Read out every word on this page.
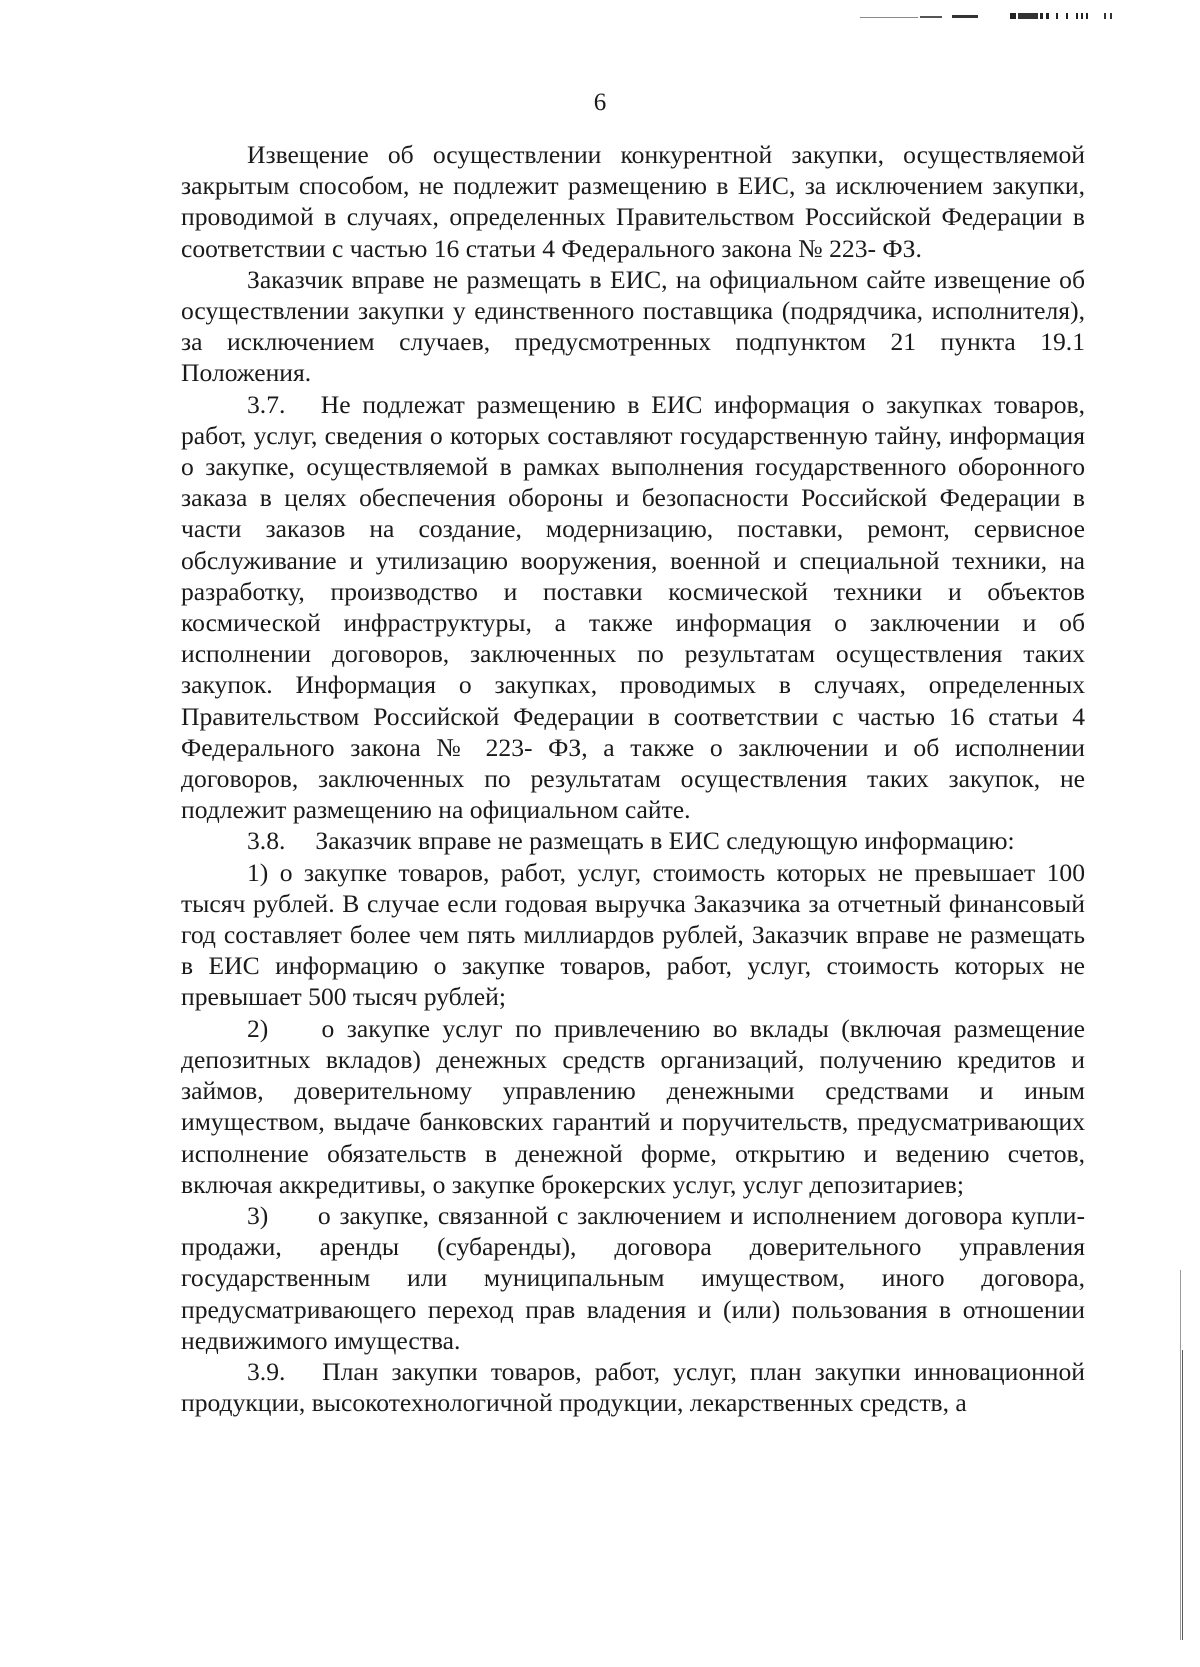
6

Извещение об осуществлении конкурентной закупки, осуществляемой закрытым способом, не подлежит размещению в ЕИС, за исключением закупки, проводимой в случаях, определенных Правительством Российской Федерации в соответствии с частью 16 статьи 4 Федерального закона № 223- ФЗ.

Заказчик вправе не размещать в ЕИС, на официальном сайте извещение об осуществлении закупки у единственного поставщика (подрядчика, исполнителя), за исключением случаев, предусмотренных подпунктом 21 пункта 19.1 Положения.

3.7. Не подлежат размещению в ЕИС информация о закупках товаров, работ, услуг, сведения о которых составляют государственную тайну, информация о закупке, осуществляемой в рамках выполнения государственного оборонного заказа в целях обеспечения обороны и безопасности Российской Федерации в части заказов на создание, модернизацию, поставки, ремонт, сервисное обслуживание и утилизацию вооружения, военной и специальной техники, на разработку, производство и поставки космической техники и объектов космической инфраструктуры, а также информация о заключении и об исполнении договоров, заключенных по результатам осуществления таких закупок. Информация о закупках, проводимых в случаях, определенных Правительством Российской Федерации в соответствии с частью 16 статьи 4 Федерального закона № 223- ФЗ, а также о заключении и об исполнении договоров, заключенных по результатам осуществления таких закупок, не подлежит размещению на официальном сайте.

3.8. Заказчик вправе не размещать в ЕИС следующую информацию:

1) о закупке товаров, работ, услуг, стоимость которых не превышает 100 тысяч рублей. В случае если годовая выручка Заказчика за отчетный финансовый год составляет более чем пять миллиардов рублей, Заказчик вправе не размещать в ЕИС информацию о закупке товаров, работ, услуг, стоимость которых не превышает 500 тысяч рублей;

2) о закупке услуг по привлечению во вклады (включая размещение депозитных вкладов) денежных средств организаций, получению кредитов и займов, доверительному управлению денежными средствами и иным имуществом, выдаче банковских гарантий и поручительств, предусматривающих исполнение обязательств в денежной форме, открытию и ведению счетов, включая аккредитивы, о закупке брокерских услуг, услуг депозитариев;

3) о закупке, связанной с заключением и исполнением договора купли-продажи, аренды (субаренды), договора доверительного управления государственным или муниципальным имуществом, иного договора, предусматривающего переход прав владения и (или) пользования в отношении недвижимого имущества.

3.9. План закупки товаров, работ, услуг, план закупки инновационной продукции, высокотехнологичной продукции, лекарственных средств, а
